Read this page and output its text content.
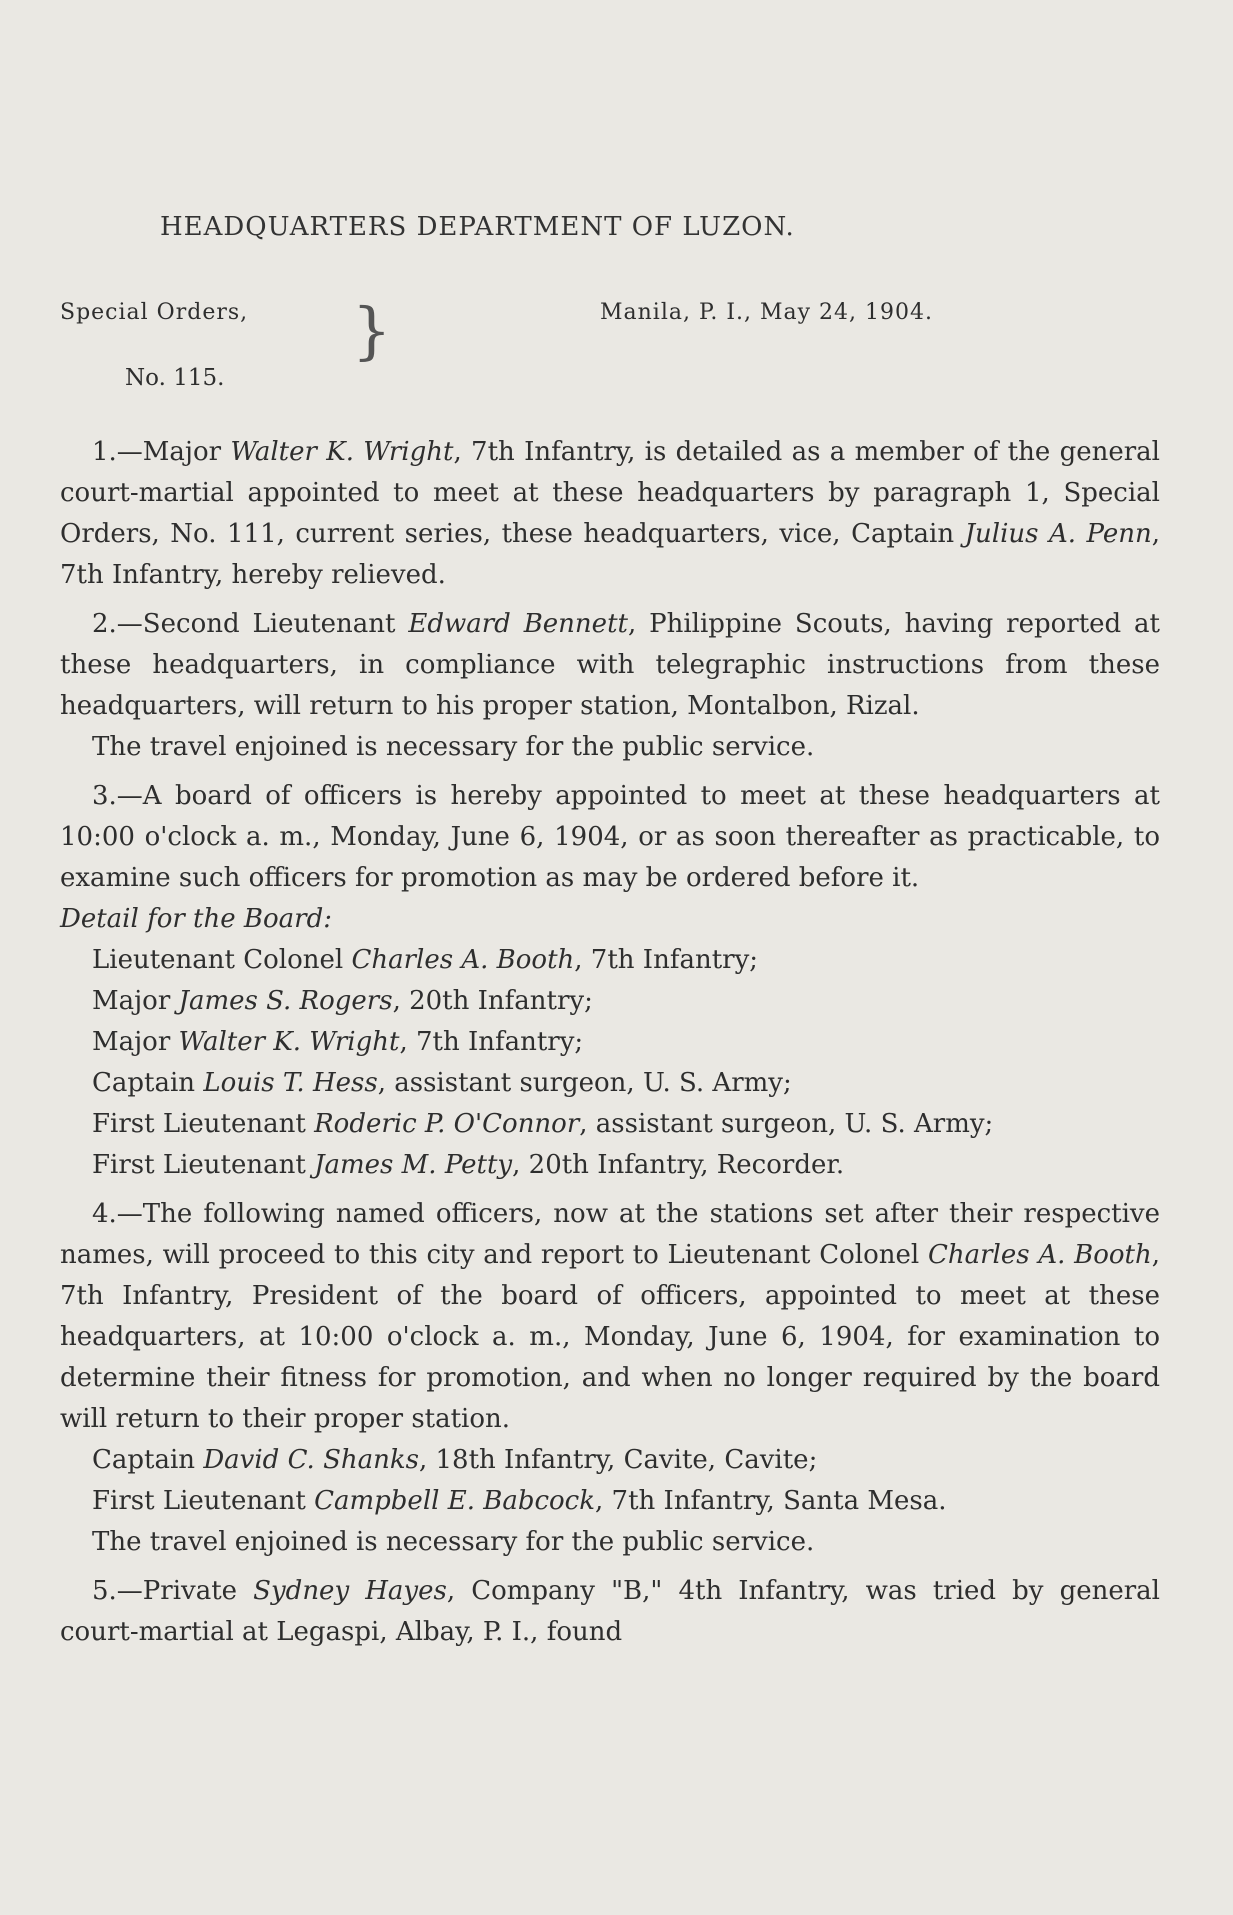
HEADQUARTERS DEPARTMENT OF LUZON.
Special Orders,
No. 115.
}	Manila, P. I., May 24, 1904.

1.—Major Walter K. Wright, 7th Infantry, is detailed as a member of the general court-martial appointed to meet at these headquarters by paragraph 1, Special Orders, No. 111, current series, these headquarters, vice, Captain Julius A. Penn, 7th Infantry, hereby relieved.

2.—Second Lieutenant Edward Bennett, Philippine Scouts, having reported at these headquarters, in compliance with telegraphic instructions from these headquarters, will return to his proper station, Montalbon, Rizal.

The travel enjoined is necessary for the public service.

3.—A board of officers is hereby appointed to meet at these headquarters at 10:00 o'clock a. m., Monday, June 6, 1904, or as soon thereafter as practicable, to examine such officers for promotion as may be ordered before it.

Detail for the Board:

Lieutenant Colonel Charles A. Booth, 7th Infantry;

Major James S. Rogers, 20th Infantry;

Major Walter K. Wright, 7th Infantry;

Captain Louis T. Hess, assistant surgeon, U. S. Army;

First Lieutenant Roderic P. O'Connor, assistant surgeon, U. S. Army;

First Lieutenant James M. Petty, 20th Infantry, Recorder.

4.—The following named officers, now at the stations set after their respective names, will proceed to this city and report to Lieutenant Colonel Charles A. Booth, 7th Infantry, President of the board of officers, appointed to meet at these headquarters, at 10:00 o'clock a. m., Monday, June 6, 1904, for examination to determine their fitness for promotion, and when no longer required by the board will return to their proper station.

Captain David C. Shanks, 18th Infantry, Cavite, Cavite;

First Lieutenant Campbell E. Babcock, 7th Infantry, Santa Mesa.

The travel enjoined is necessary for the public service.

5.—Private Sydney Hayes, Company "B," 4th Infantry, was tried by general court-martial at Legaspi, Albay, P. I., found
